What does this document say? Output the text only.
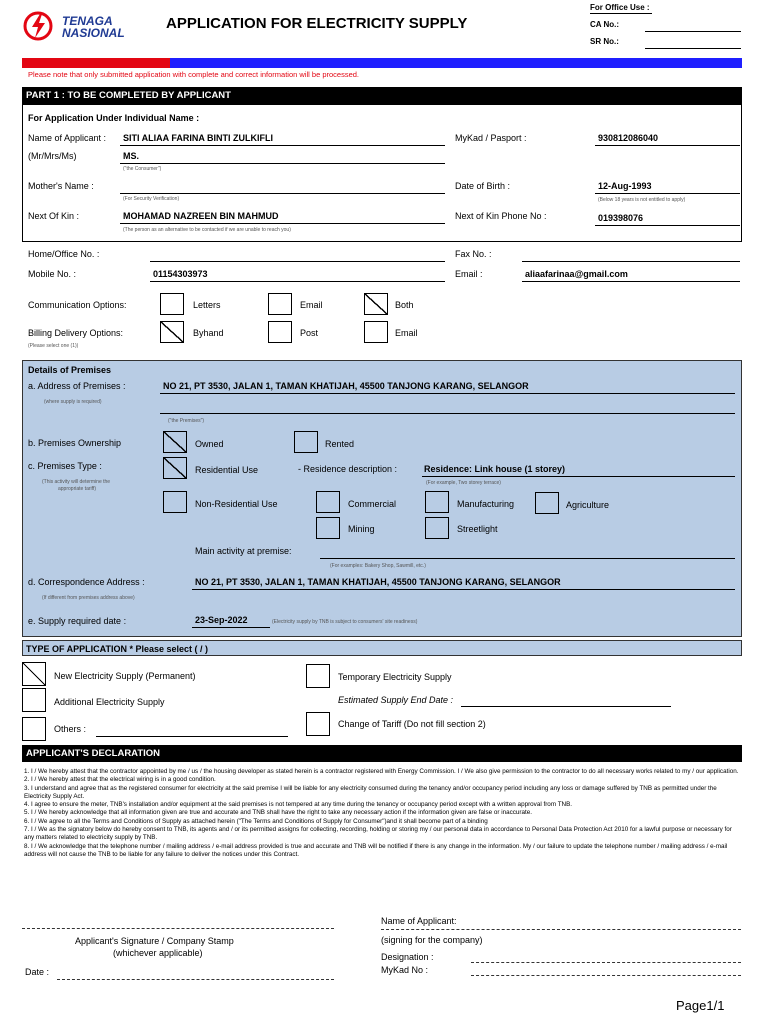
TENAGA
NASIONAL
APPLICATION FOR ELECTRICITY SUPPLY
For Office Use :
CA No.:
SR No.:
Please note that only submitted application with complete and correct information will be processed.
PART 1 : TO BE COMPLETED BY APPLICANT
For Application Under Individual Name :
Name of Applicant : SITI ALIAA FARINA BINTI ZULKIFLI
(Mr/Mrs/Ms)	MS.
("the Consumer")
MyKad / Pasport :	930812086040
Mother's Name :
(For Security Verification)
Date of Birth :	12-Aug-1993
(Below 18 years is not entitled to apply)
Next Of Kin :	MOHAMAD NAZREEN BIN MAHMUD
(The person as an alternative to be contacted if we are unable to reach you)
Next of Kin Phone No :	019398076
Home/Office No. :	Fax No. :
Mobile No. :	01154303973	Email :	aliaafarinaa@gmail.com
Communication Options:	Letters	Email	Both
Billing Delivery Options:
(Please select one (1))
Byhand	Post	Email
Details of Premises
a. Address of Premises :	NO 21, PT 3530, JALAN 1, TAMAN KHATIJAH, 45500 TANJONG KARANG, SELANGOR
(where supply is required)
("the Premises")
b. Premises Ownership	Owned	Rented
c. Premises Type :
(This activity will determine the
appropriate tariff)
Residential Use	- Residence description :	Residence: Link house (1 storey)
(For example, Two storey terrace)
Non-Residential Use	Commercial	Manufacturing	Agriculture
Mining	Streetlight
Main activity at premise:
(For examples: Bakery Shop, Sawmill, etc.)
d. Correspondence Address :	NO 21, PT 3530, JALAN 1, TAMAN KHATIJAH, 45500 TANJONG KARANG, SELANGOR
(If different from premises address above)
e. Supply required date :	23-Sep-2022	(Electricity supply by TNB is subject to consumers' site readiness)
TYPE OF APPLICATION * Please select ( / )
New Electricity Supply (Permanent)
Additional Electricity Supply
Others :
Temporary Electricity Supply
Estimated Supply End Date :
Change of Tariff (Do not fill section 2)
APPLICANT'S DECLARATION

1. I / We hereby attest that the contractor appointed by me / us / the housing developer as stated herein is a contractor registered with Energy Commission. I / We also give permission to the contractor to do all necessary works related to my / our application.

2. I / We hereby attest that the electrical wiring is in a good condition.

3. I understand and agree that as the registered consumer for electricity at the said premise I will be liable for any electricity consumed during the tenancy and/or occupancy period including any loss or damage suffered by TNB as permitted under the Electricity Supply Act.

4. I agree to ensure the meter, TNB's installation and/or equipment at the said premises is not tempered at any time during the tenancy or occupancy period except with a written approval from TNB.

5. I / We hereby acknowledge that all information given are true and accurate and TNB shall have the right to take any necessary action if the information given are false or inaccurate.

6. I / We agree to all the Terms and Conditions of Supply as attached herein ("The Terms and Conditions of Supply for Consumer")and it shall become part of a binding

7. I / We as the signatory below do hereby consent to TNB, its agents and / or its permitted assigns for collecting, recording, holding or storing my / our personal data in accordance to Personal Data Protection Act 2010 for a lawful purpose or necessary for any matters related to electricity supply by TNB.

8. I / We acknowledge that the telephone number / mailing address / e-mail address provided is true and accurate and TNB will be notified if there is any change in the information. My / our failure to update the telephone number / mailing address / e-mail address will not cause the TNB to be liable for any failure to deliver the notices under this Contract.

Applicant's Signature / Company Stamp
(whichever applicable)
Date :
Name of Applicant:
(signing for the company)
Designation :
MyKad No :
Page1/1
